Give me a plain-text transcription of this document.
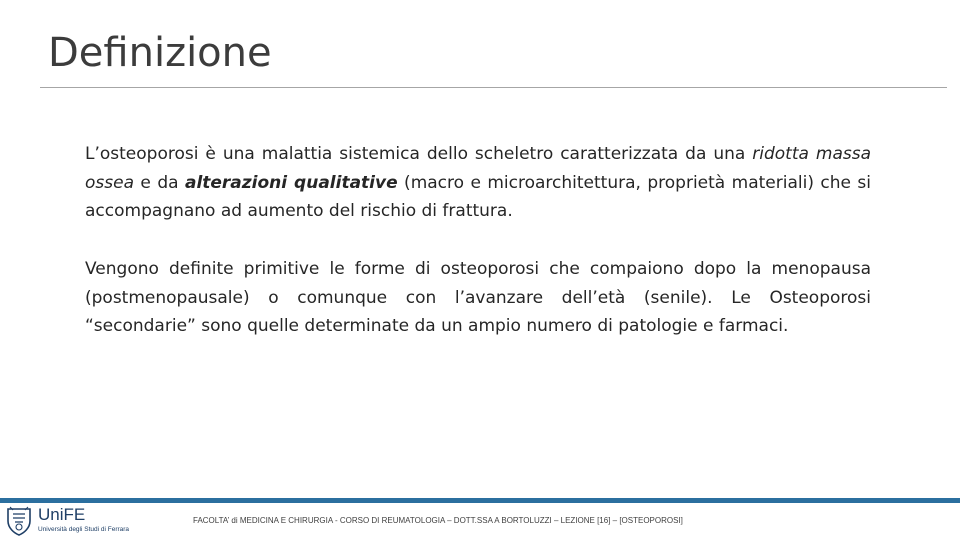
Definizione

L’osteoporosi è una malattia sistemica dello scheletro caratterizzata da una ridotta massa ossea e da alterazioni qualitative (macro e microarchitettura, proprietà materiali) che si accompagnano ad aumento del rischio di frattura.

Vengono definite primitive le forme di osteoporosi che compaiono dopo la menopausa (postmenopausale) o comunque con l’avanzare dell’età (senile). Le Osteoporosi “secondarie” sono quelle determinate da un ampio numero di patologie e farmaci.

UniFE
Università degli Studi di Ferrara
FACOLTA’ di MEDICINA E CHIRURGIA - CORSO DI REUMATOLOGIA – DOTT.SSA A BORTOLUZZI – LEZIONE [16] – [OSTEOPOROSI]
